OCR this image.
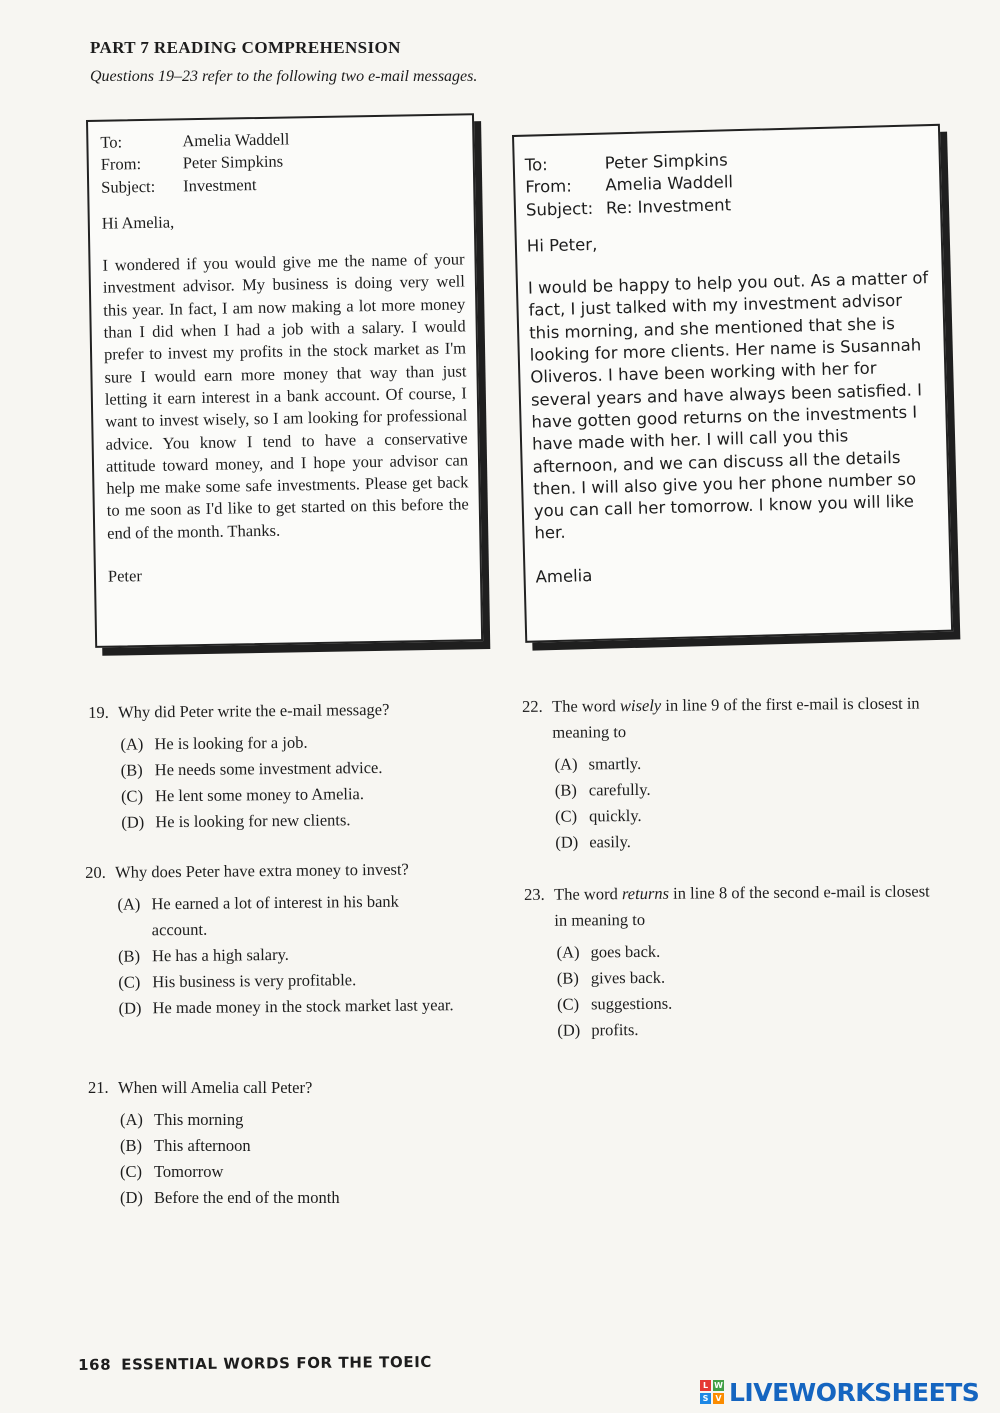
PART 7 READING COMPREHENSION

Questions 19–23 refer to the following two e-mail messages.

To:	Amelia Waddell
From:	Peter Simpkins
Subject:	Investment

Hi Amelia,

I wondered if you would give me the name of your investment advisor. My business is doing very well this year. In fact, I am now making a lot more money than I did when I had a job with a salary. I would prefer to invest my profits in the stock market as I'm sure I would earn more money that way than just letting it earn interest in a bank account. Of course, I want to invest wisely, so I am looking for professional advice. You know I tend to have a conservative attitude toward money, and I hope your advisor can help me make some safe investments. Please get back to me soon as I'd like to get started on this before the end of the month. Thanks.

Peter

To:	Peter Simpkins
From:	Amelia Waddell
Subject: Re: Investment

Hi Peter,

I would be happy to help you out. As a matter of fact, I just talked with my investment advisor this morning, and she mentioned that she is looking for more clients. Her name is Susannah Oliveros. I have been working with her for several years and have always been satisfied. I have gotten good returns on the investments I have made with her. I will call you this afternoon, and we can discuss all the details then. I will also give you her phone number so you can call her tomorrow. I know you will like her.

Amelia

19. Why did Peter write the e-mail message?
(A) He is looking for a job.
(B) He needs some investment advice.
(C) He lent some money to Amelia.
(D) He is looking for new clients.
20. Why does Peter have extra money to invest?
(A) He earned a lot of interest in his bank account.
(B) He has a high salary.
(C) His business is very profitable.
(D) He made money in the stock market last year.
21. When will Amelia call Peter?
(A) This morning
(B) This afternoon
(C) Tomorrow
(D) Before the end of the month
22. The word wisely in line 9 of the first e-mail is closest in meaning to
(A) smartly.
(B) carefully.
(C) quickly.
(D) easily.
23. The word returns in line 8 of the second e-mail is closest in meaning to
(A) goes back.
(B) gives back.
(C) suggestions.
(D) profits.

168 ESSENTIAL WORDS FOR THE TOEIC

L W
S V LIVEWORKSHEETS
